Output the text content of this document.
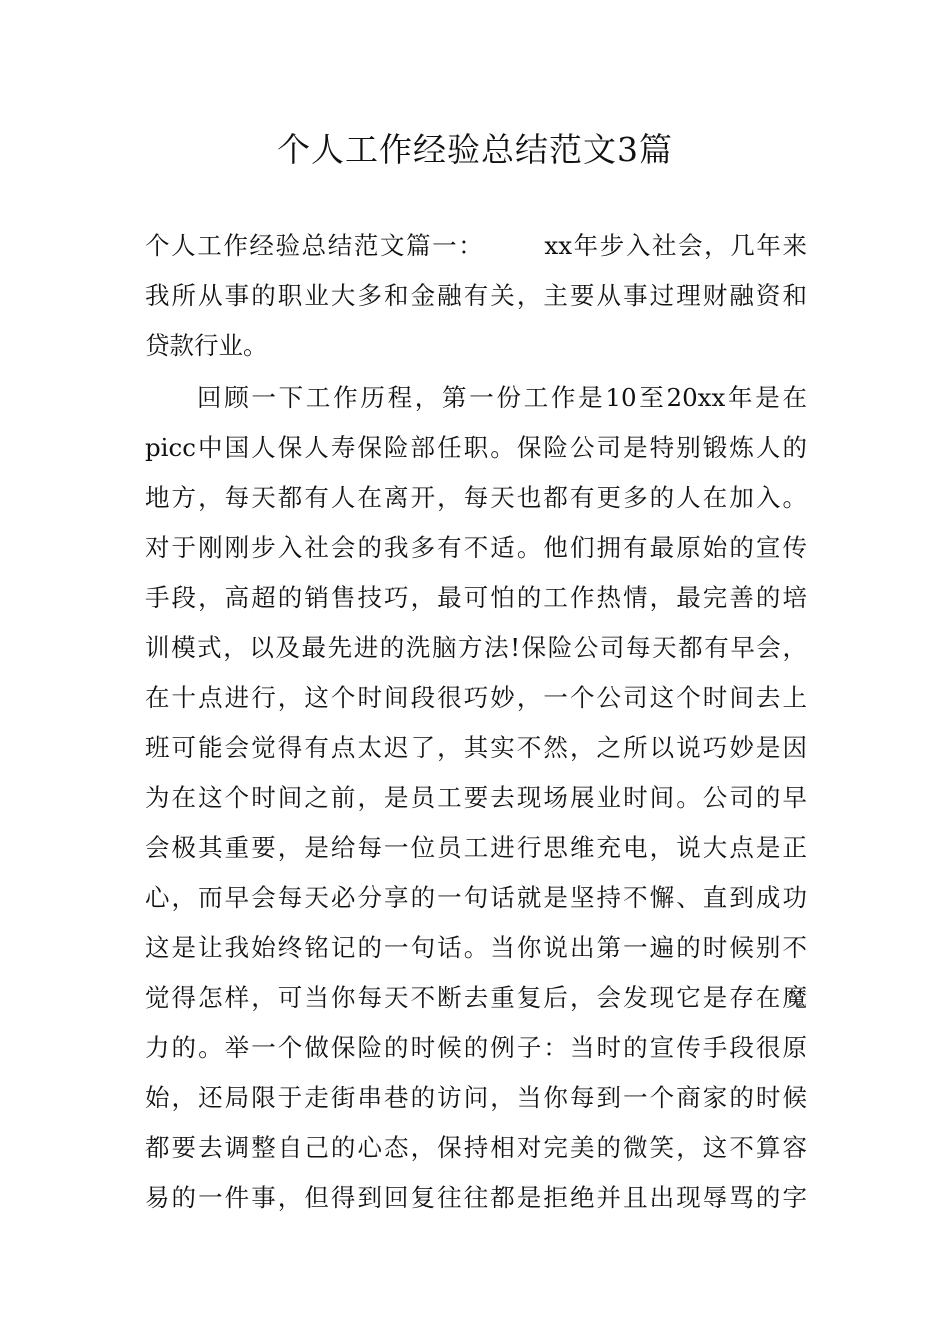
个人工作经验总结范文3篇
个人工作经验总结范文篇一： xx年步入社会，几年来
我所从事的职业大多和金融有关，主要从事过理财融资和
贷款行业。
回顾一下工作历程，第一份工作是10至20xx年是在
picc中国人保人寿保险部任职。保险公司是特别锻炼人的
地方，每天都有人在离开，每天也都有更多的人在加入。
对于刚刚步入社会的我多有不适。他们拥有最原始的宣传
手段，高超的销售技巧，最可怕的工作热情，最完善的培
训模式，以及最先进的洗脑方法!保险公司每天都有早会，
在十点进行，这个时间段很巧妙，一个公司这个时间去上
班可能会觉得有点太迟了，其实不然，之所以说巧妙是因
为在这个时间之前，是员工要去现场展业时间。公司的早
会极其重要，是给每一位员工进行思维充电，说大点是正
心，而早会每天必分享的一句话就是坚持不懈、直到成功
这是让我始终铭记的一句话。当你说出第一遍的时候别不
觉得怎样，可当你每天不断去重复后，会发现它是存在魔
力的。举一个做保险的时候的例子：当时的宣传手段很原
始，还局限于走街串巷的访问，当你每到一个商家的时候
都要去调整自己的心态，保持相对完美的微笑，这不算容
易的一件事，但得到回复往往都是拒绝并且出现辱骂的字
